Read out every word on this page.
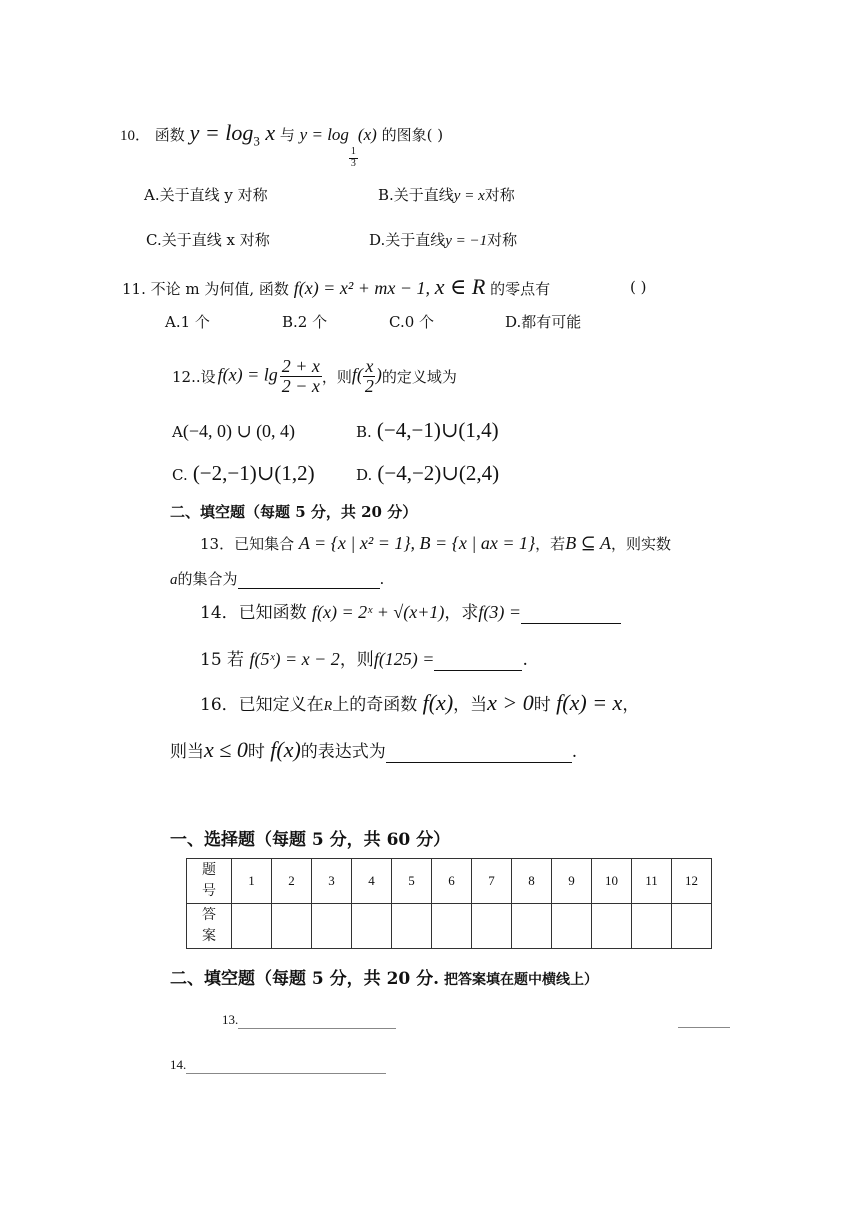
10． 函数 $y = \log_3 x$ 与 y = log
$\frac{1}{3}$
(x) 的图象( )
A.关于直线 y 对称	B.关于直线y = x对称
C.关于直线 x 对称	D.关于直线y = −1对称
11. 不论 m 为何值, 函数 f(x) = x² + mx − 1, x ∈ R 的零点有	( )
A.1 个	B.2 个	C.0 个	D.都有可能
12..设 $f(x) = \lg \frac{2 + x}{2 - x}$ ，则 $f( \frac{x}{2}$ ) 的定义域为
A(−4, 0) ∪ (0, 4)	B. (−4,−1)∪(1,4)
C. (−2,−1)∪(1,2)	D. (−4,−2)∪(2,4)
二、填空题（每题 5 分，共 20 分）
13．已知集合 A = {x | x² = 1}, B = {x | ax = 1}，若B ⊆ A，则实数
a的集合为	.
14．已知函数 f(x) = 2ˣ + √(x+1)，求f(3) =
15 若 f(5ˣ) = x − 2，则f(125) =	.
16．已知定义在R上的奇函数 f(x)，当x > 0时 f(x) = x，
则当x ≤ 0时 f(x)的表达式为	.
一、选择题（每题 5 分，共 60 分）
题
号	1	2	3	4	5	6	7	8	9	10	11	12
答
案												
二、填空题（每题 5 分，共 20 分. 把答案填在题中横线上）
13.

14.
